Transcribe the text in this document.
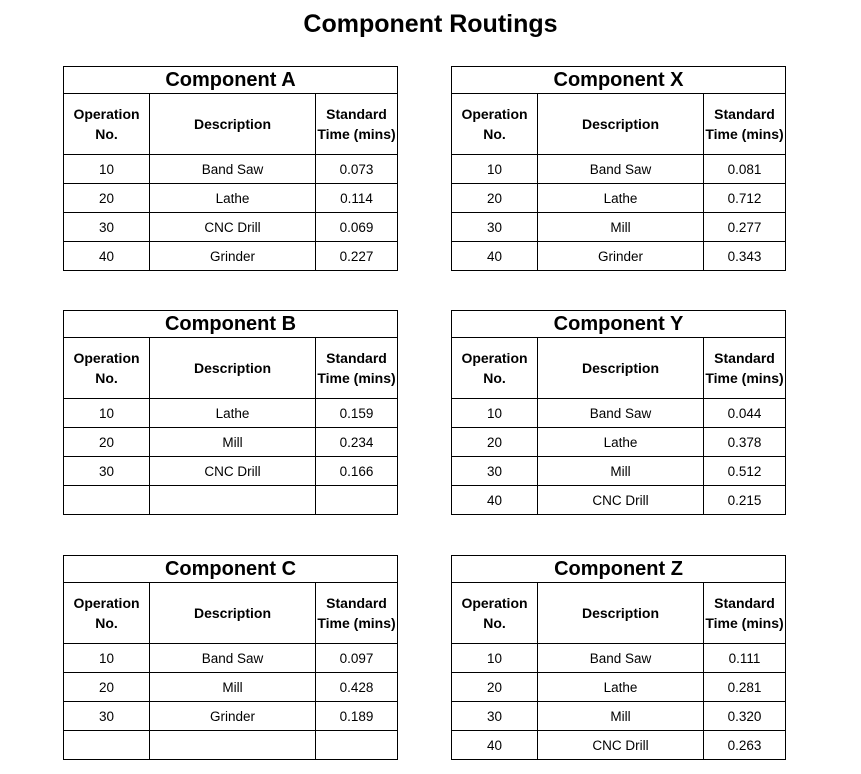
Component Routings
Component A		
Operation No.	Description	Standard Time (mins)
10	Band Saw	0.073
20	Lathe	0.114
30	CNC Drill	0.069
40	Grinder	0.227
Component X		
Operation No.	Description	Standard Time (mins)
10	Band Saw	0.081
20	Lathe	0.712
30	Mill	0.277
40	Grinder	0.343
Component B		
Operation No.	Description	Standard Time (mins)
10	Lathe	0.159
20	Mill	0.234
30	CNC Drill	0.166

Component Y		
Operation No.	Description	Standard Time (mins)
10	Band Saw	0.044
20	Lathe	0.378
30	Mill	0.512
40	CNC Drill	0.215
Component C		
Operation No.	Description	Standard Time (mins)
10	Band Saw	0.097
20	Mill	0.428
30	Grinder	0.189

Component Z		
Operation No.	Description	Standard Time (mins)
10	Band Saw	0.111
20	Lathe	0.281
30	Mill	0.320
40	CNC Drill	0.263
